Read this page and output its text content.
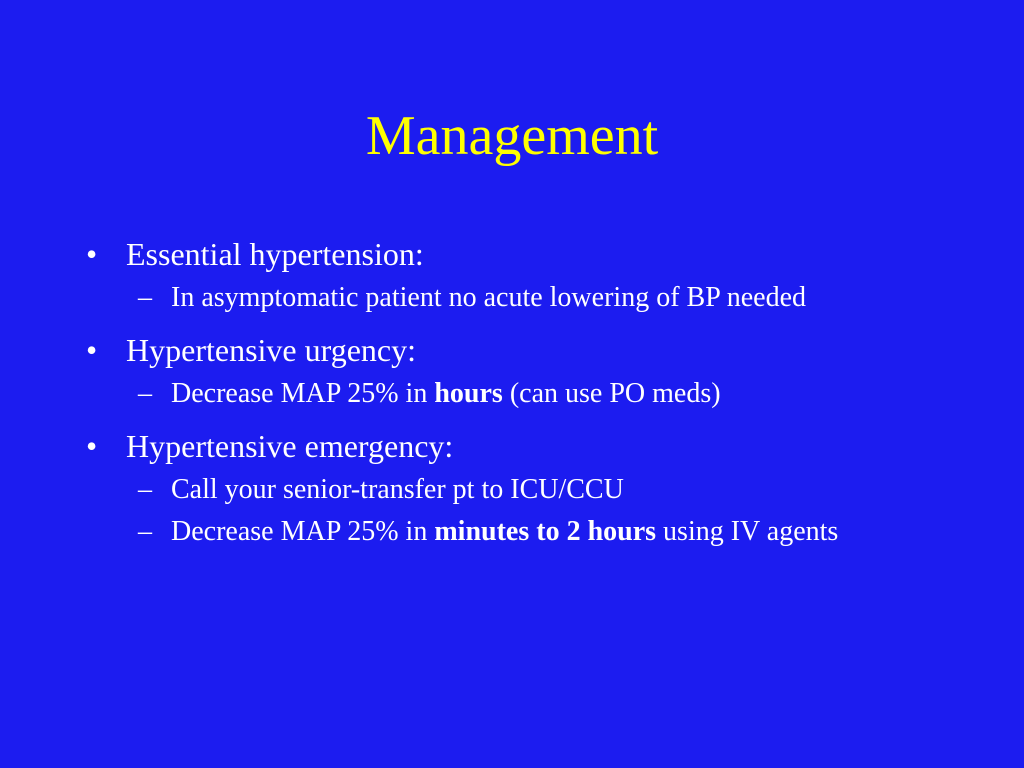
Management
• Essential hypertension:
– In asymptomatic patient no acute lowering of BP needed
• Hypertensive urgency:
– Decrease MAP 25% in hours (can use PO meds)
• Hypertensive emergency:
– Call your senior-transfer pt to ICU/CCU
– Decrease MAP 25% in minutes to 2 hours using IV agents
